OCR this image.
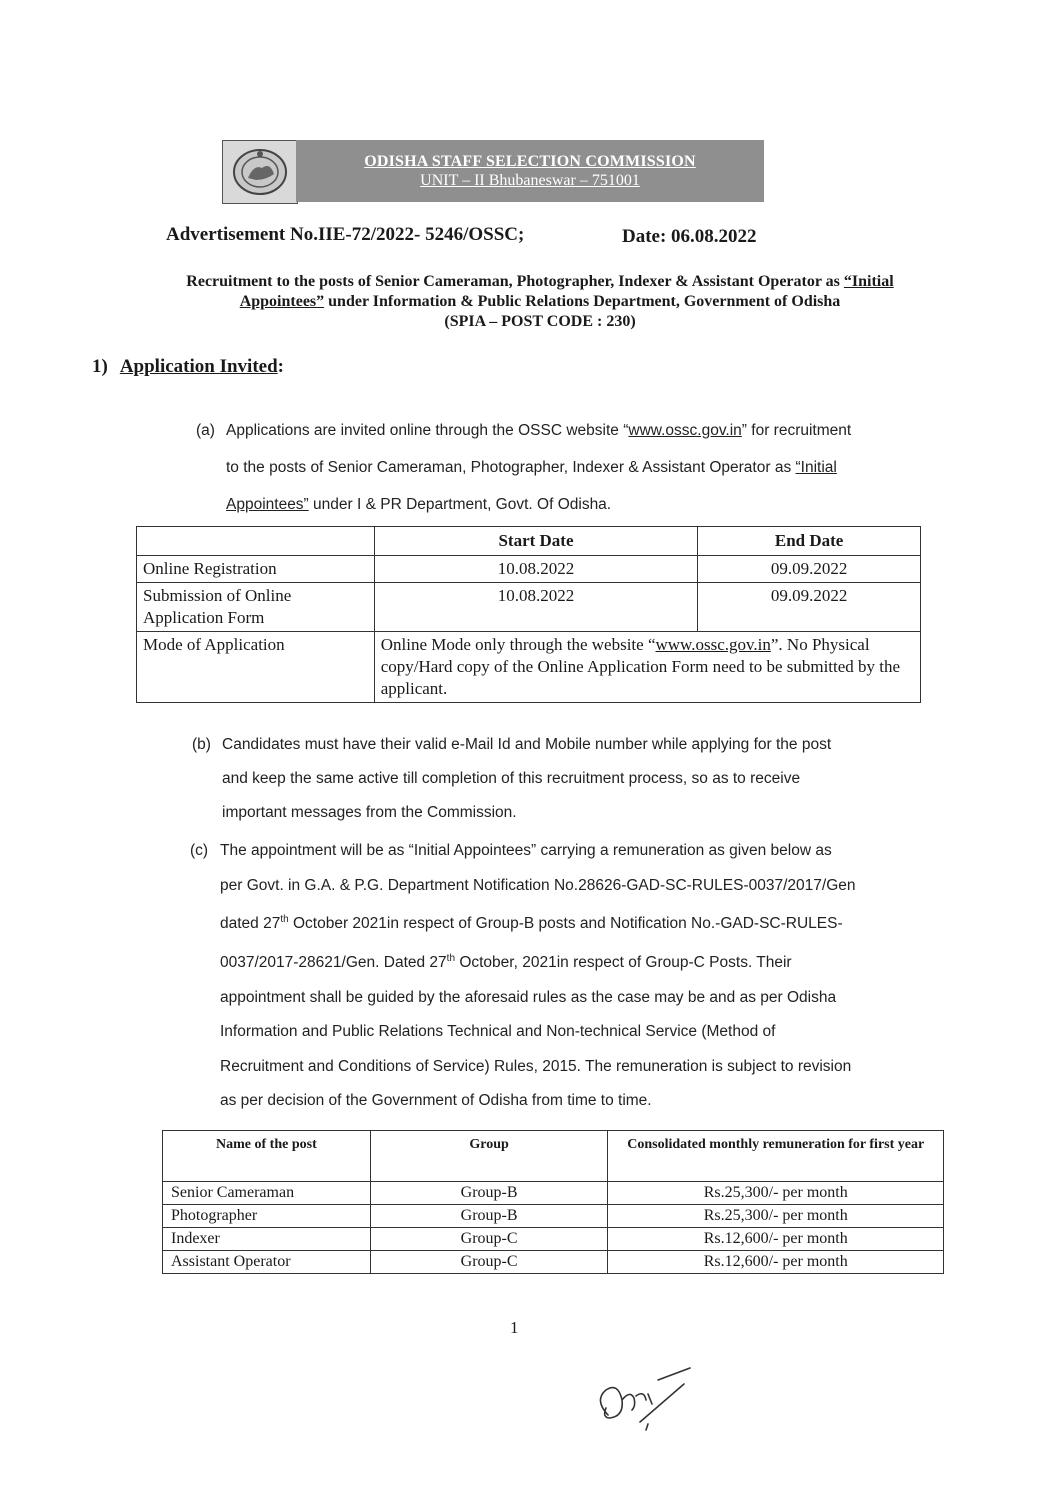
ODISHA STAFF SELECTION COMMISSION
UNIT – II Bhubaneswar – 751001
Advertisement No.IIE-72/2022- 5246/OSSC;	Date: 06.08.2022
Recruitment to the posts of Senior Cameraman, Photographer, Indexer & Assistant Operator as “Initial
Appointees” under Information & Public Relations Department, Government of Odisha
(SPIA – POST CODE : 230)
1) Application Invited:
(a) Applications are invited online through the OSSC website “www.ossc.gov.in” for recruitment
to the posts of Senior Cameraman, Photographer, Indexer & Assistant Operator as “Initial
Appointees” under I & PR Department, Govt. Of Odisha.
	Start Date	End Date
Online Registration	10.08.2022	09.09.2022
Submission of Online Application Form	10.08.2022	09.09.2022
Mode of Application	Online Mode only through the website “www.ossc.gov.in”. No Physical copy/Hard copy of the Online Application Form need to be submitted by the applicant.	
(b) Candidates must have their valid e-Mail Id and Mobile number while applying for the post
and keep the same active till completion of this recruitment process, so as to receive
important messages from the Commission.
(c) The appointment will be as “Initial Appointees” carrying a remuneration as given below as
per Govt. in G.A. & P.G. Department Notification No.28626-GAD-SC-RULES-0037/2017/Gen
dated 27th October 2021in respect of Group-B posts and Notification No.-GAD-SC-RULES-
0037/2017-28621/Gen. Dated 27th October, 2021in respect of Group-C Posts. Their
appointment shall be guided by the aforesaid rules as the case may be and as per Odisha
Information and Public Relations Technical and Non-technical Service (Method of
Recruitment and Conditions of Service) Rules, 2015. The remuneration is subject to revision
as per decision of the Government of Odisha from time to time.
Name of the post	Group	Consolidated monthly remuneration for first year
Senior Cameraman	Group-B	Rs.25,300/- per month
Photographer	Group-B	Rs.25,300/- per month
Indexer	Group-C	Rs.12,600/- per month
Assistant Operator	Group-C	Rs.12,600/- per month
1
